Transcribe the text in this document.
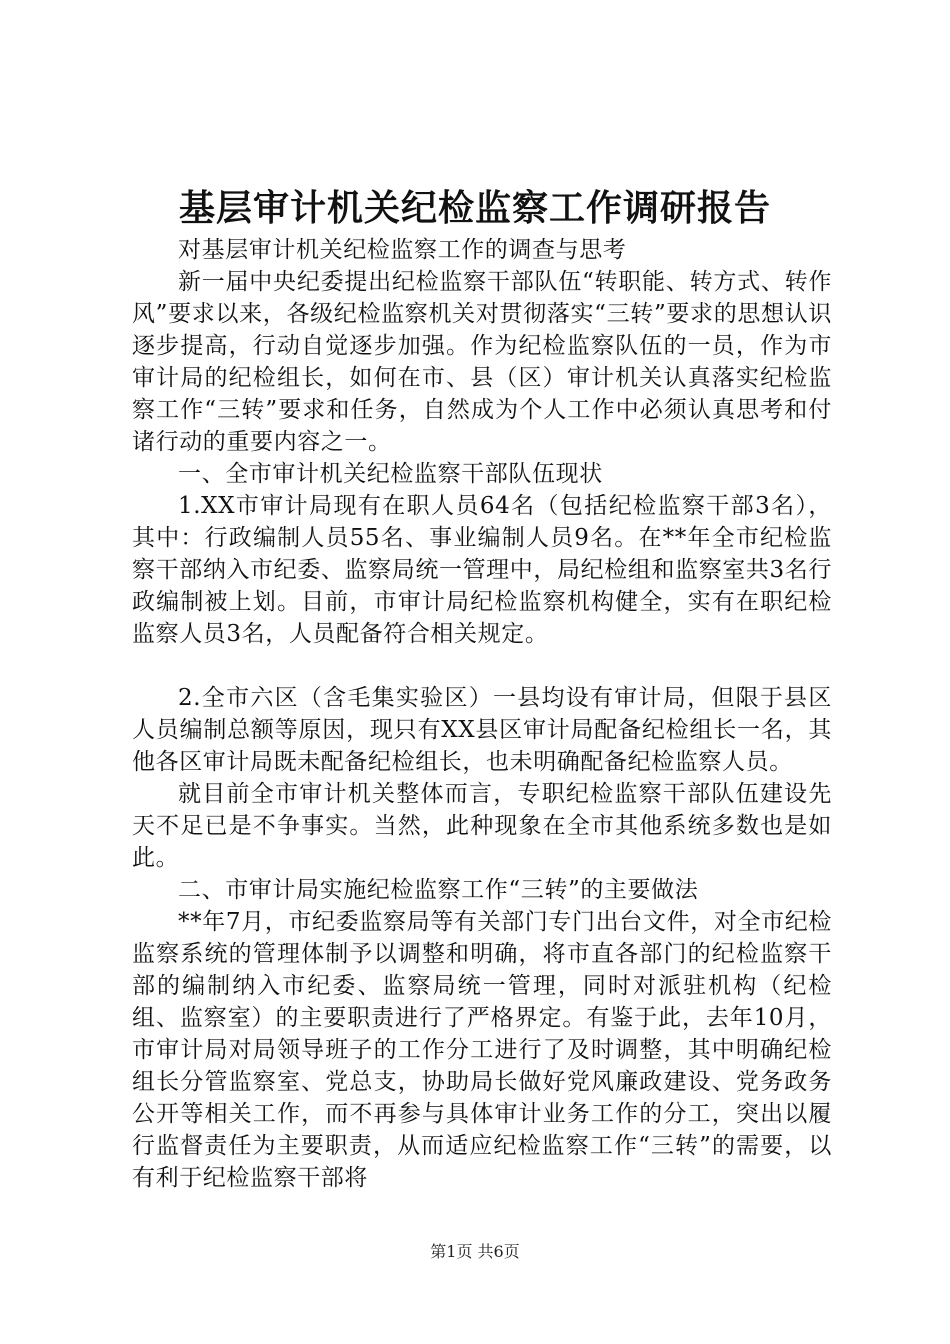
基层审计机关纪检监察工作调研报告

对基层审计机关纪检监察工作的调查与思考

新一届中央纪委提出纪检监察干部队伍“转职能、转方式、转作风”要求以来，各级纪检监察机关对贯彻落实“三转”要求的思想认识逐步提高，行动自觉逐步加强。作为纪检监察队伍的一员，作为市审计局的纪检组长，如何在市、县（区）审计机关认真落实纪检监察工作“三转”要求和任务，自然成为个人工作中必须认真思考和付诸行动的重要内容之一。

一、全市审计机关纪检监察干部队伍现状

1.XX市审计局现有在职人员64名（包括纪检监察干部3名），其中：行政编制人员55名、事业编制人员9名。在**年全市纪检监察干部纳入市纪委、监察局统一管理中，局纪检组和监察室共3名行政编制被上划。目前，市审计局纪检监察机构健全，实有在职纪检监察人员3名，人员配备符合相关规定。

2.全市六区（含毛集实验区）一县均设有审计局，但限于县区人员编制总额等原因，现只有XX县区审计局配备纪检组长一名，其他各区审计局既未配备纪检组长，也未明确配备纪检监察人员。

就目前全市审计机关整体而言，专职纪检监察干部队伍建设先天不足已是不争事实。当然，此种现象在全市其他系统多数也是如此。

二、市审计局实施纪检监察工作“三转”的主要做法

**年7月，市纪委监察局等有关部门专门出台文件，对全市纪检监察系统的管理体制予以调整和明确，将市直各部门的纪检监察干部的编制纳入市纪委、监察局统一管理，同时对派驻机构（纪检组、监察室）的主要职责进行了严格界定。有鉴于此，去年10月，市审计局对局领导班子的工作分工进行了及时调整，其中明确纪检组长分管监察室、党总支，协助局长做好党风廉政建设、党务政务公开等相关工作，而不再参与具体审计业务工作的分工，突出以履行监督责任为主要职责，从而适应纪检监察工作“三转”的需要，以有利于纪检监察干部将

第1页 共6页
